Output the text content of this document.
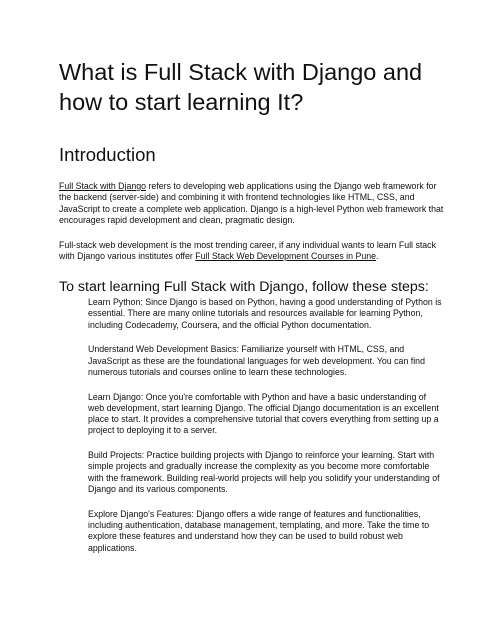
What is Full Stack with Django and how to start learning It?
Introduction

Full Stack with Django refers to developing web applications using the Django web framework for the backend (server-side) and combining it with frontend technologies like HTML, CSS, and JavaScript to create a complete web application. Django is a high-level Python web framework that encourages rapid development and clean, pragmatic design.

Full-stack web development is the most trending career, if any individual wants to learn Full stack with Django various institutes offer Full Stack Web Development Courses in Pune.

To start learning Full Stack with Django, follow these steps:
Learn Python: Since Django is based on Python, having a good understanding of Python is essential. There are many online tutorials and resources available for learning Python, including Codecademy, Coursera, and the official Python documentation.
Understand Web Development Basics: Familiarize yourself with HTML, CSS, and JavaScript as these are the foundational languages for web development. You can find numerous tutorials and courses online to learn these technologies.
Learn Django: Once you're comfortable with Python and have a basic understanding of web development, start learning Django. The official Django documentation is an excellent place to start. It provides a comprehensive tutorial that covers everything from setting up a project to deploying it to a server.
Build Projects: Practice building projects with Django to reinforce your learning. Start with simple projects and gradually increase the complexity as you become more comfortable with the framework. Building real-world projects will help you solidify your understanding of Django and its various components.
Explore Django's Features: Django offers a wide range of features and functionalities, including authentication, database management, templating, and more. Take the time to explore these features and understand how they can be used to build robust web applications.
